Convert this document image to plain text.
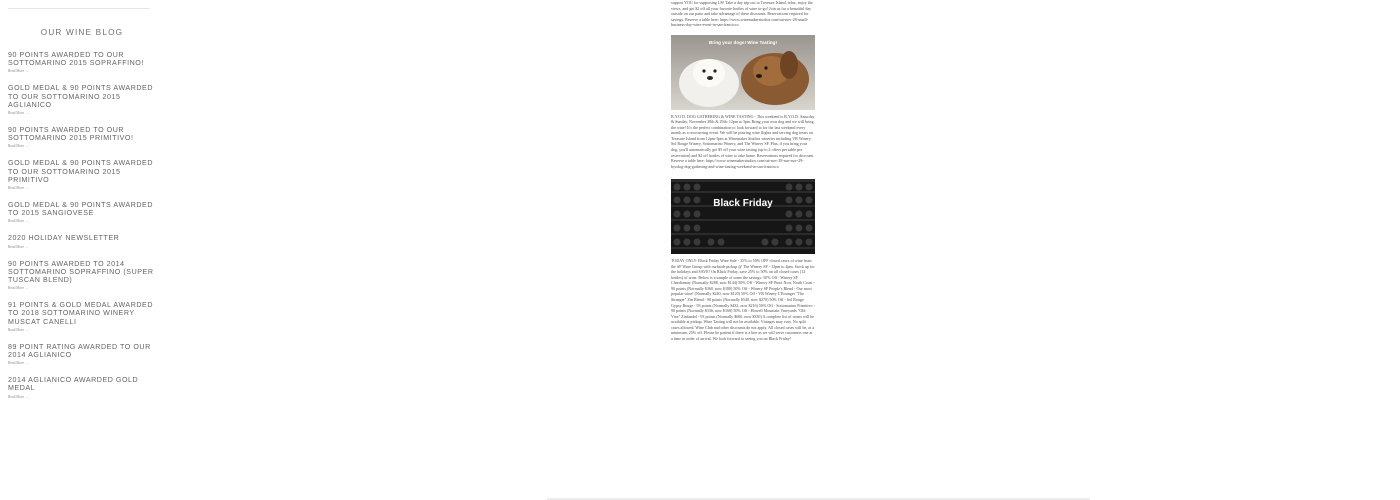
OUR WINE BLOG
90 POINTS AWARDED TO OUR SOTTOMARINO 2015 SOPRAFFINO!
Read More →
GOLD MEDAL & 90 POINTS AWARDED TO OUR SOTTOMARINO 2015 AGLIANICO
Read More →
90 POINTS AWARDED TO OUR SOTTOMARINO 2015 PRIMITIVO!
Read More →
GOLD MEDAL & 90 POINTS AWARDED TO OUR SOTTOMARINO 2015 PRIMITIVO
Read More →
GOLD MEDAL & 90 POINTS AWARDED TO 2015 SANGIOVESE
Read More →
2020 HOLIDAY NEWSLETTER
Read More →
90 POINTS AWARDED TO 2014 SOTTOMARINO SOPRАFFINO (SUPER TUSCAN BLEND)
Read More →
91 POINTS & GOLD MEDAL AWARDED TO 2018 SOTTOMARINO WINERY MUSCAT CANELLI
Read More →
89 POINT RATING AWARDED TO OUR 2014 AGLIANICO
Read More →
2014 AGLIANICO AWARDED GOLD MEDAL
Read More →

support YOU for supporting US! Take a day trip out to Treasure Island, relax, enjoy the views, and get $2 off all your favorite bottles of wine to-go! Join us for a beautiful day outside on our patio and take advantage of these discounts. Reservations required for savings. Reserve a table here: https://www.winemakerstudios.com/sat-nov-28-small-business-day-wine-event-in-san-francisco

Bring your dogs! Wine Tasting!

B.Y.O.D. DOG GATHERING & WINE TASTING - This weekend is B.Y.O.D. Saturday & Sunday, November 28th & 29th: 12pm to 5pm Bring your own dog and we will bring the wine! It's the perfect combination to look forward to for the last weekend every month as a reoccurring event. We will be pouring wine flights and serving dog treats on Treasure Island from 12pm-5pm at Winemaker Studios wineries including VR Winery, Sol Rouge Winery, Sottomarino Winery, and The Winery SF. Plus, if you bring your dog, you'll automatically get $5 off your wine tasting (up to 2 offers per table per reservation) and $2 off bottles of wine to take home. Reservations required for discount. Reserve a table here: https://www.winemakerstudios.com/sat-nov-28-sun-nov-29-byodog-dog-gathering-and-wine-tasting-weekend-in-san-francisco

Black Friday

TODAY ONLY: Black Friday Wine Sale - 25% to 50% OFF closed cases of wine from the SF Wine Group with curbside pickup @ The Winery SF - 12pm to 4pm. Stock up for the holidays and SAVE! On Black Friday, save 25% to 50% on all closed cases (12 bottles) of wine. Below is a sample of some the savings: 50% Off - Winery SF Chardonnay (Normally $288, now $144) 50% Off - Winery SF Pinot Noir, North Coast - 90 points (Normally $360, now $180) 50% Off - Winery SF People's Blend - Our most popular wine! (Normally $240, now $120) 50% Off - VR Winery L'Etranger "The Stranger" Zin Blend - 90 points (Normally $540, now $270) 50% Off - Sol Rouge Gypsy Rouge - 93 points (Normally $432, now $216) 50% Off - Sottomarino Primitivo - 90 points (Normally $336, now $168) 50% Off - Howell Mountain Vineyards "Old Vine" Zinfandel - 93 points (Normally $660, now $330) A complete list of wines will be available at pickup. Wine Tasting will not be available. Vintages may vary. No split cases allowed. Wine Club and other discounts do not apply. All closed cases will be, at a minimum, 25% off. Please be patient if there is a line as we will serve customers one at a time in order of arrival. We look forward to seeing you on Black Friday!
